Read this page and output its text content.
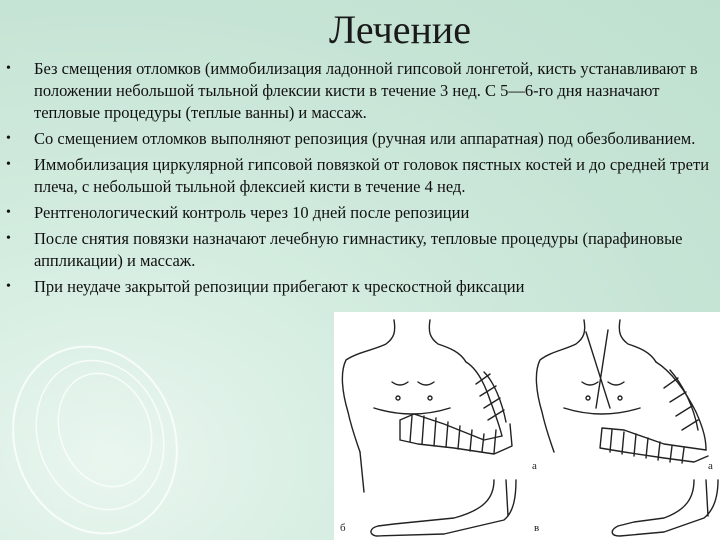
Лечение
• Без смещения отломков (иммобилизация ладонной гипсовой лонгетой, кисть устанавливают в положении небольшой тыльной флексии кисти в течение 3 нед. С 5—6-го дня назначают тепловые процедуры (теплые ванны) и массаж.
• Со смещением отломков выполняют репозиция (ручная или аппаратная) под обезболиванием.
• Иммобилизация циркулярной гипсовой повязкой от головок пястных костей и до средней трети плеча, с небольшой тыльной флексией кисти в течение 4 нед.
• Рентгенологический контроль через 10 дней после репозиции
• После снятия повязки назначают лечебную гимнастику, тепловые процедуры (парафиновые аппликации) и массаж.
• При неудаче закрытой репозиции прибегают к чрескостной фиксации
а
б
а
в
